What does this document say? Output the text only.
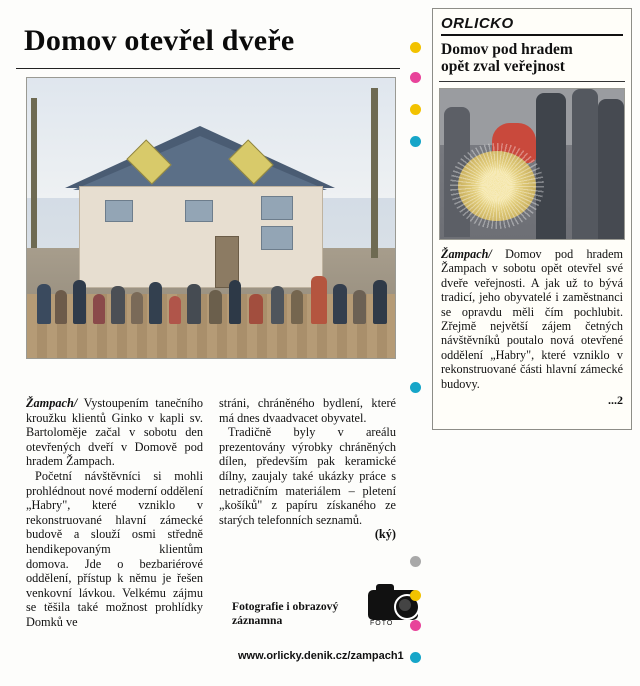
Domov otevřel dveře

Žampach/ Vystoupením tanečního kroužku klientů Ginko v kapli sv. Bartoloměje začal v sobotu den otevřených dveří v Domově pod hradem Žampach.

Početní návštěvníci si mohli prohlédnout nové moderní oddělení „Habry", které vzniklo v rekonstruované hlavní zámecké budově a slouží osmi středně hendikepovaným klientům domova. Jde o bezbariérové oddělení, přístup k němu je řešen venkovní lávkou. Velkému zájmu se těšila také možnost prohlídky Domků ve

stráni, chráněného bydlení, které má dnes dvaadvacet obyvatel.

Tradičně byly v areálu prezentovány výrobky chráněných dílen, především pak keramické dílny, zaujaly také ukázky práce s netradičním materiálem – pletení „košíků" z papíru získaného ze starých telefonních seznamů.

(ký)

Fotografie i obrazový
záznamna	FOTO
www.orlicky.denik.cz/zampach1
ORLICKO
Domov pod hradem
opět zval veřejnost

Žampach/ Domov pod hradem Žampach v sobotu opět otevřel své dveře veřejnosti. A jak už to bývá tradicí, jeho obyvatelé i zaměstnanci se opravdu měli čím pochlubit. Zřejmě největší zájem četných návštěvníků poutalo nová otevřené oddělení „Habry", které vzniklo v rekonstruované části hlavní zámecké budovy.

...2
